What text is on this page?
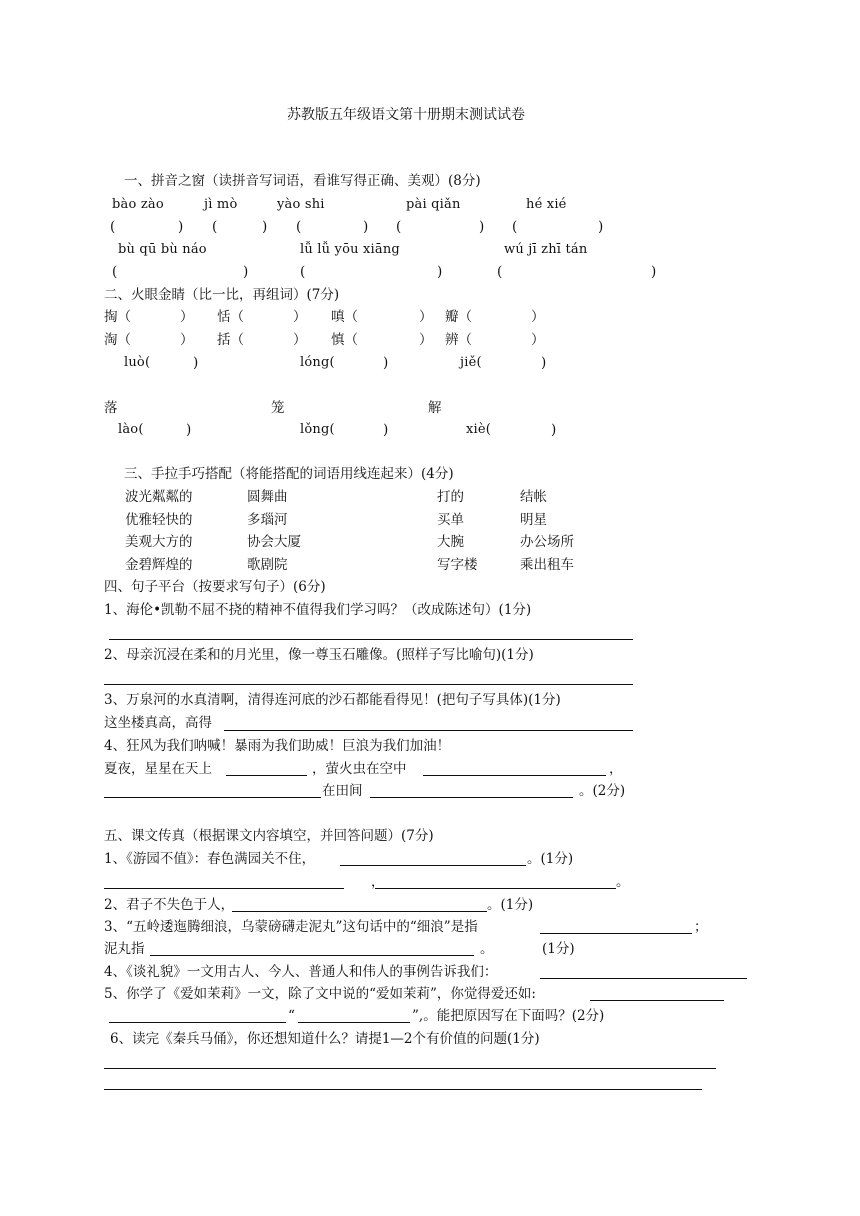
苏教版五年级语文第十册期末测试试卷
一、拼音之窗（读拼音写词语，看谁写得正确、美观）(8分)
bào zào	jì mò	yào shi	pài qiǎn	hé xié
(	) (	) (	) (	) (	)
bù qū bù náo	lǚ lǚ yōu xiāng	wú jī zhī tán
(	)	(	)	(	)
二、火眼金睛（比一比，再组词）(7分)
掏（	） 恬（	） 嗔（	） 瓣（	）
淘（	） 括（	） 慎（	） 辨（	）
luò(	)	lóng(	)	jiě(	)
落	笼	解
lào(	)	lǒng(	)	xiè(	)
三、手拉手巧搭配（将能搭配的词语用线连起来）(4分)
波光粼粼的	圆舞曲	打的	结帐
优雅轻快的	多瑙河	买单	明星
美观大方的	协会大厦	大腕	办公场所
金碧辉煌的	歌剧院	写字楼	乘出租车
四、句子平台（按要求写句子）(6分)
1、海伦•凯勒不屈不挠的精神不值得我们学习吗？（改成陈述句）(1分)
2、母亲沉浸在柔和的月光里，像一尊玉石雕像。(照样子写比喻句)(1分)
3、万泉河的水真清啊，清得连河底的沙石都能看得见！(把句子写具体)(1分)
这坐楼真高，高得
4、狂风为我们呐喊！暴雨为我们助威！巨浪为我们加油！
夏夜，星星在天上	，萤火虫在空中	，
在田间	。(2分)
五、课文传真（根据课文内容填空，并回答问题）(7分)
1、《游园不值》：春色满园关不住，	。(1分)
，	。
2、君子不失色于人，	。(1分)
3、“五岭逶迤腾细浪，乌蒙磅礴走泥丸”这句话中的“细浪”是指	；
泥丸指	。	(1分)
4、《谈礼貌》一文用古人、今人、普通人和伟人的事例告诉我们：
5、你学了《爱如茉莉》一文，除了文中说的“爱如茉莉”，你觉得爱还如:
“	”,。能把原因写在下面吗？(2分)
6、读完《秦兵马俑》，你还想知道什么？请提1—2个有价值的问题(1分)
